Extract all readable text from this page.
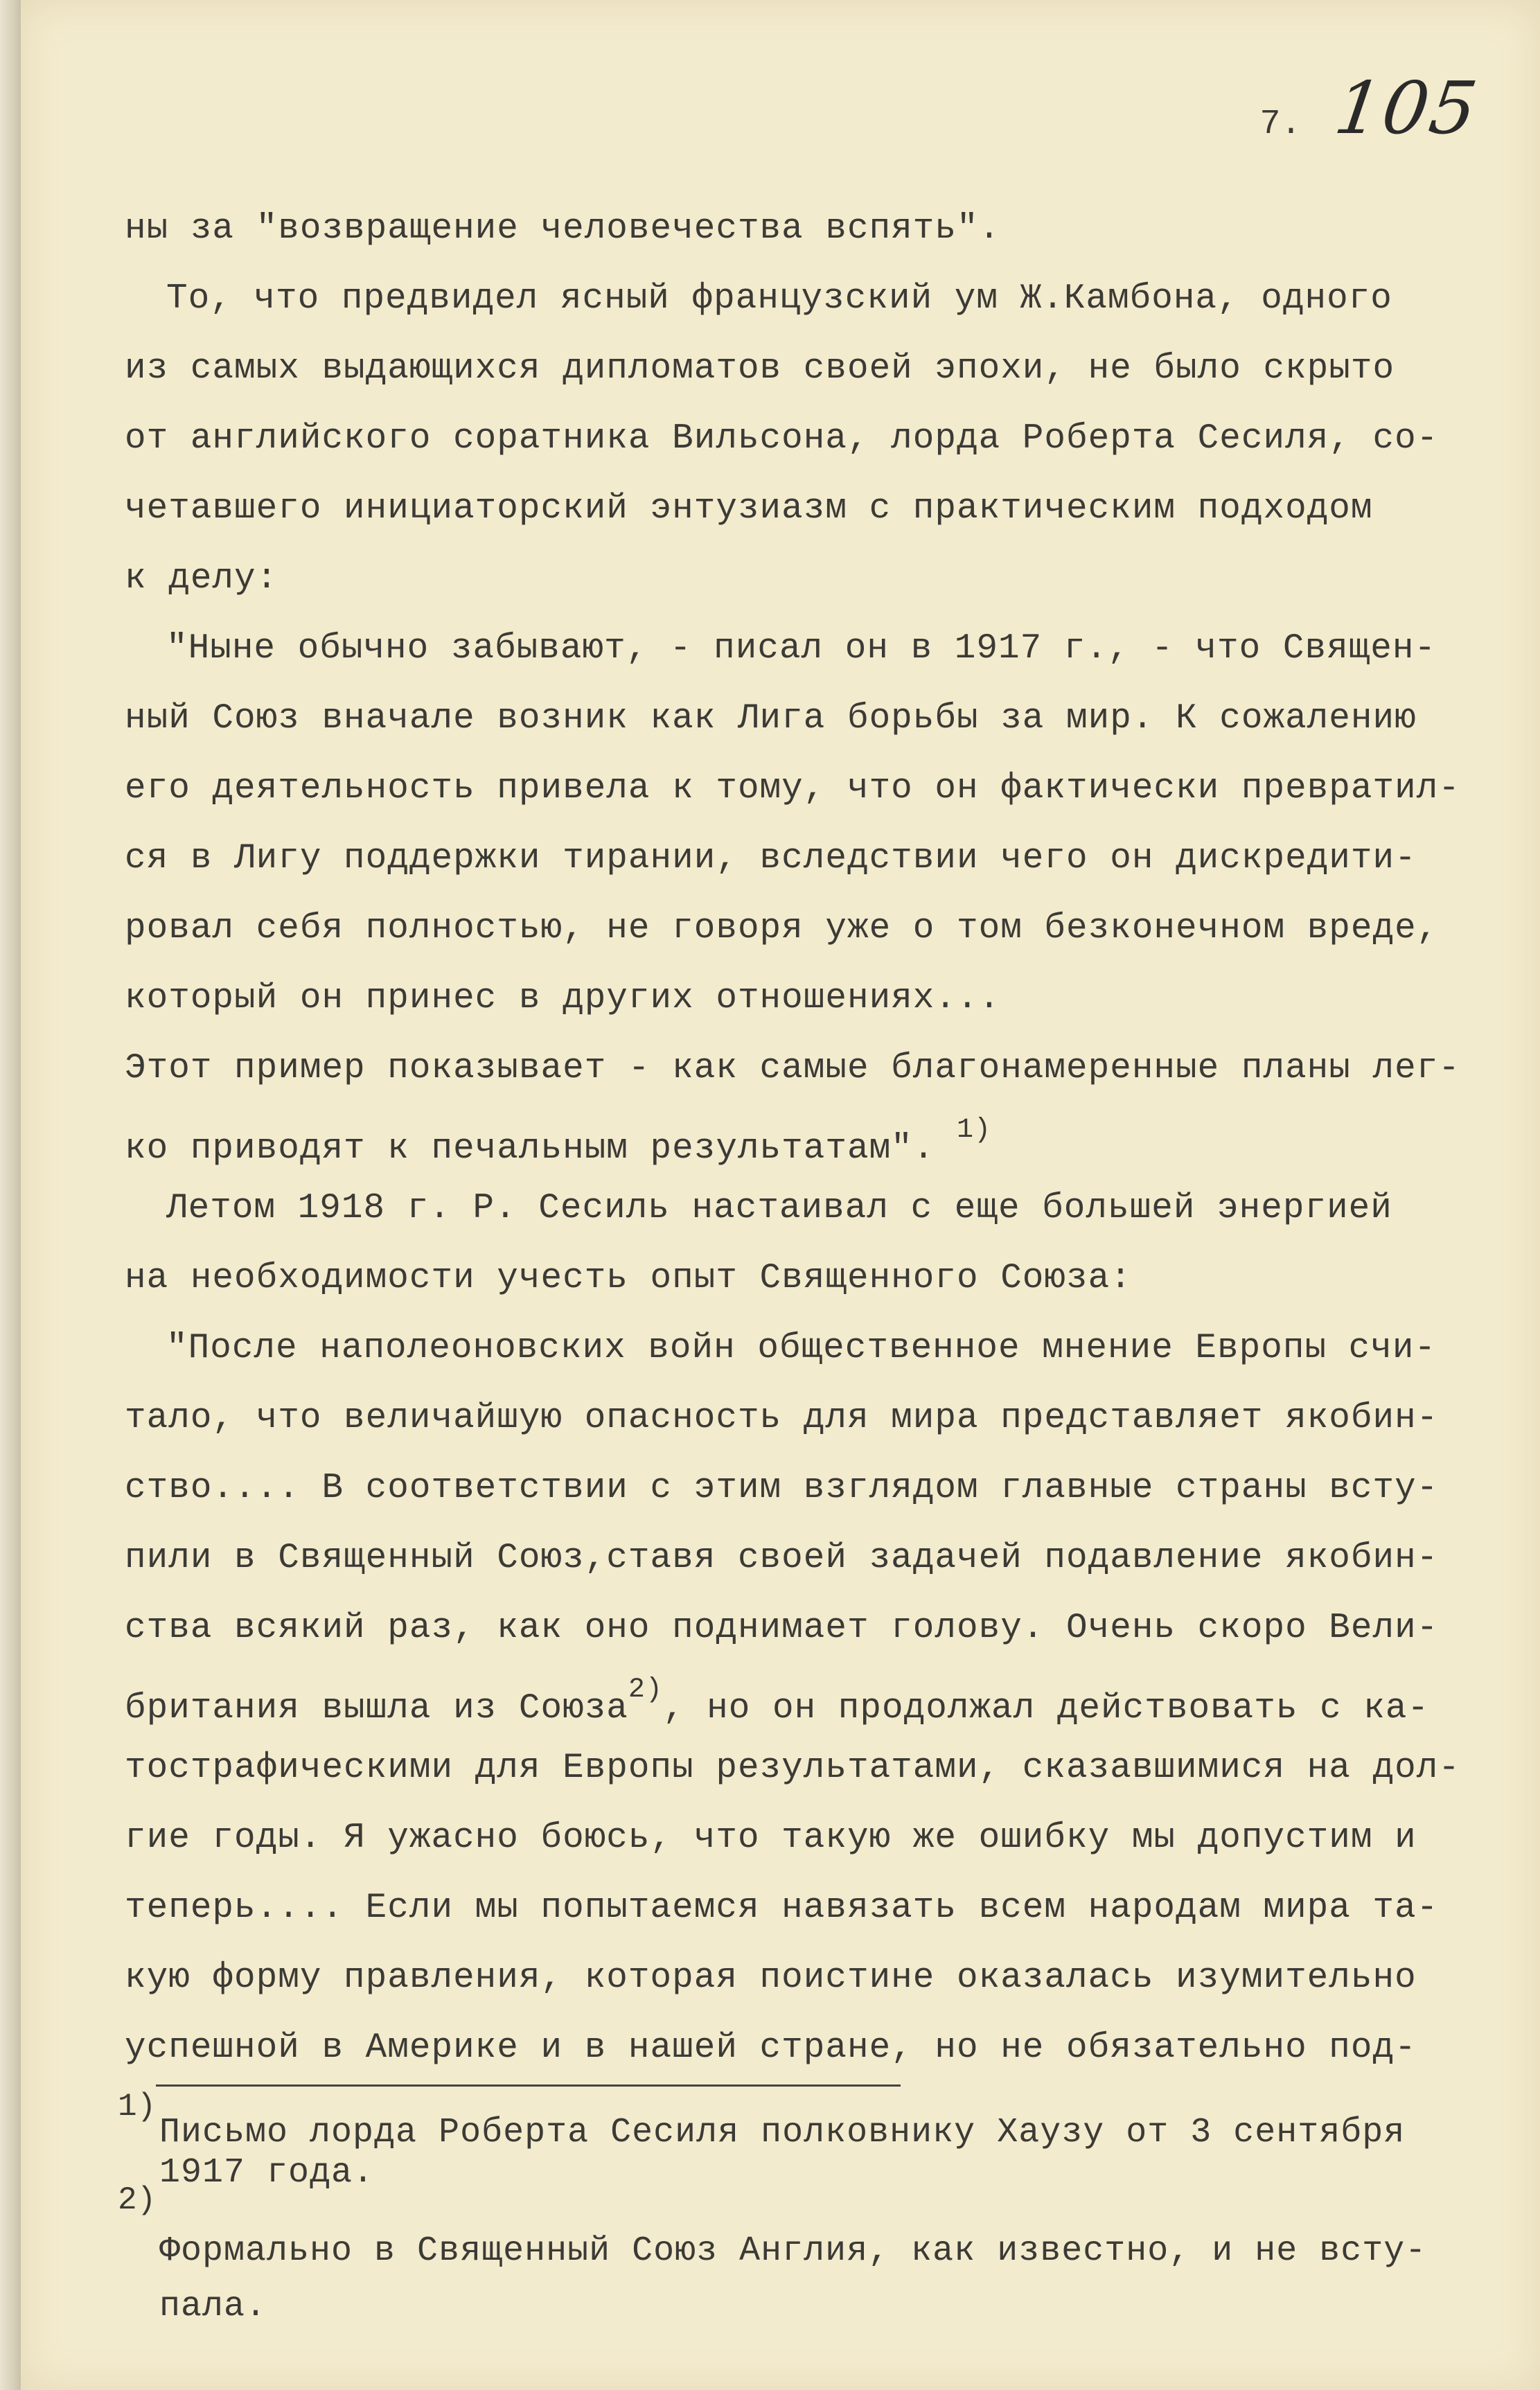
7. 105
ны за "возвращение человечества вспять".
То, что предвидел ясный французский ум Ж.Камбона, одного
из самых выдающихся дипломатов своей эпохи, не было скрыто
от английского соратника Вильсона, лорда Роберта Сесиля, со-
четавшего инициаторский энтузиазм с практическим подходом
к делу:
"Ныне обычно забывают, - писал он в 1917 г., - что Священ-
ный Союз вначале возник как Лига борьбы за мир. К сожалению
его деятельность привела к тому, что он фактически превратил-
ся в Лигу поддержки тирании, вследствии чего он дискредити-
ровал себя полностью, не говоря уже о том безконечном вреде,
который он принес в других отношениях...
Этот пример показывает - как самые благонамеренные планы лег-
ко приводят к печальным результатам". 1)
Летом 1918 г. Р. Сесиль настаивал с еще большей энергией
на необходимости учесть опыт Священного Союза:
"После наполеоновских войн общественное мнение Европы счи-
тало, что величайшую опасность для мира представляет якобин-
ство.... В соответствии с этим взглядом главные страны всту-
пили в Священный Союз,ставя своей задачей подавление якобин-
ства всякий раз, как оно поднимает голову. Очень скоро Вели-
британия вышла из Союза2), но он продолжал действовать с ка-
тострафическими для Европы результатами, сказавшимися на дол-
гие годы. Я ужасно боюсь, что такую же ошибку мы допустим и
теперь.... Если мы попытаемся навязать всем народам мира та-
кую форму правления, которая поистине оказалась изумительно
успешной в Америке и в нашей стране, но не обязательно под-
1)
Письмо лорда Роберта Сесиля полковнику Хаузу от 3 сентября
1917 года.
2)
Формально в Священный Союз Англия, как известно, и не всту-
пала.
